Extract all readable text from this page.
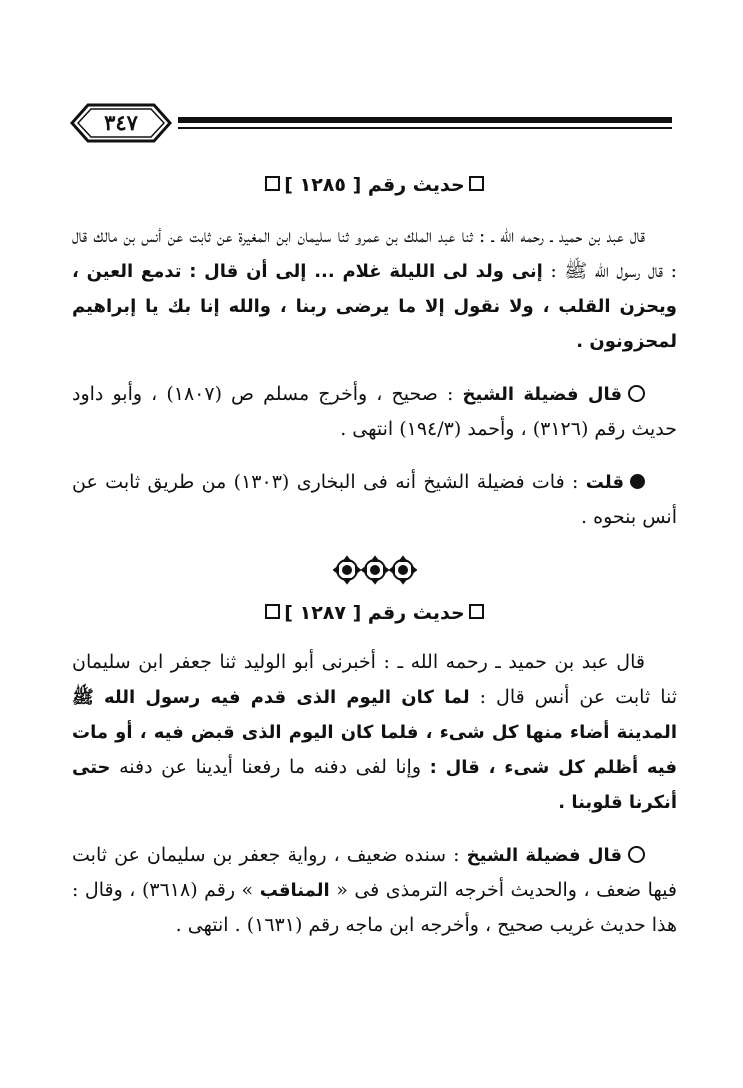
٣٤٧
حديث رقم [ ١٢٨٥ ]

قال عبد بن حميد ـ رحمه الله ـ : ثنا عبد الملك بن عمرو ثنا سليمان ابن المغيرة عن ثابت عن أنس بن مالك قال : قال رسول الله ﷺ : إنى ولد لى الليلة غلام ... إلى أن قال : تدمع العين ، ويحزن القلب ، ولا نقول إلا ما يرضى ربنا ، والله إنا بك يا إبراهيم لمحزونون .

قال فضيلة الشيخ : صحيح ، وأخرج مسلم ص (١٨٠٧) ، وأبو داود حديث رقم (٣١٢٦) ، وأحمد (١٩٤/٣) انتهى .

قلت : فات فضيلة الشيخ أنه فى البخارى (١٣٠٣) من طريق ثابت عن أنس بنحوه .

حديث رقم [ ١٢٨٧ ]

قال عبد بن حميد ـ رحمه الله ـ : أخبرنى أبو الوليد ثنا جعفر ابن سليمان ثنا ثابت عن أنس قال : لما كان اليوم الذى قدم فيه رسول الله ﷺ المدينة أضاء منها كل شىء ، فلما كان اليوم الذى قبض فيه ، أو مات فيه أظلم كل شىء ، قال : وإنا لفى دفنه ما رفعنا أيدينا عن دفنه حتى أنكرنا قلوبنا .

قال فضيلة الشيخ : سنده ضعيف ، رواية جعفر بن سليمان عن ثابت فيها ضعف ، والحديث أخرجه الترمذى فى « المناقب » رقم (٣٦١٨) ، وقال : هذا حديث غريب صحيح ، وأخرجه ابن ماجه رقم (١٦٣١) . انتهى .
